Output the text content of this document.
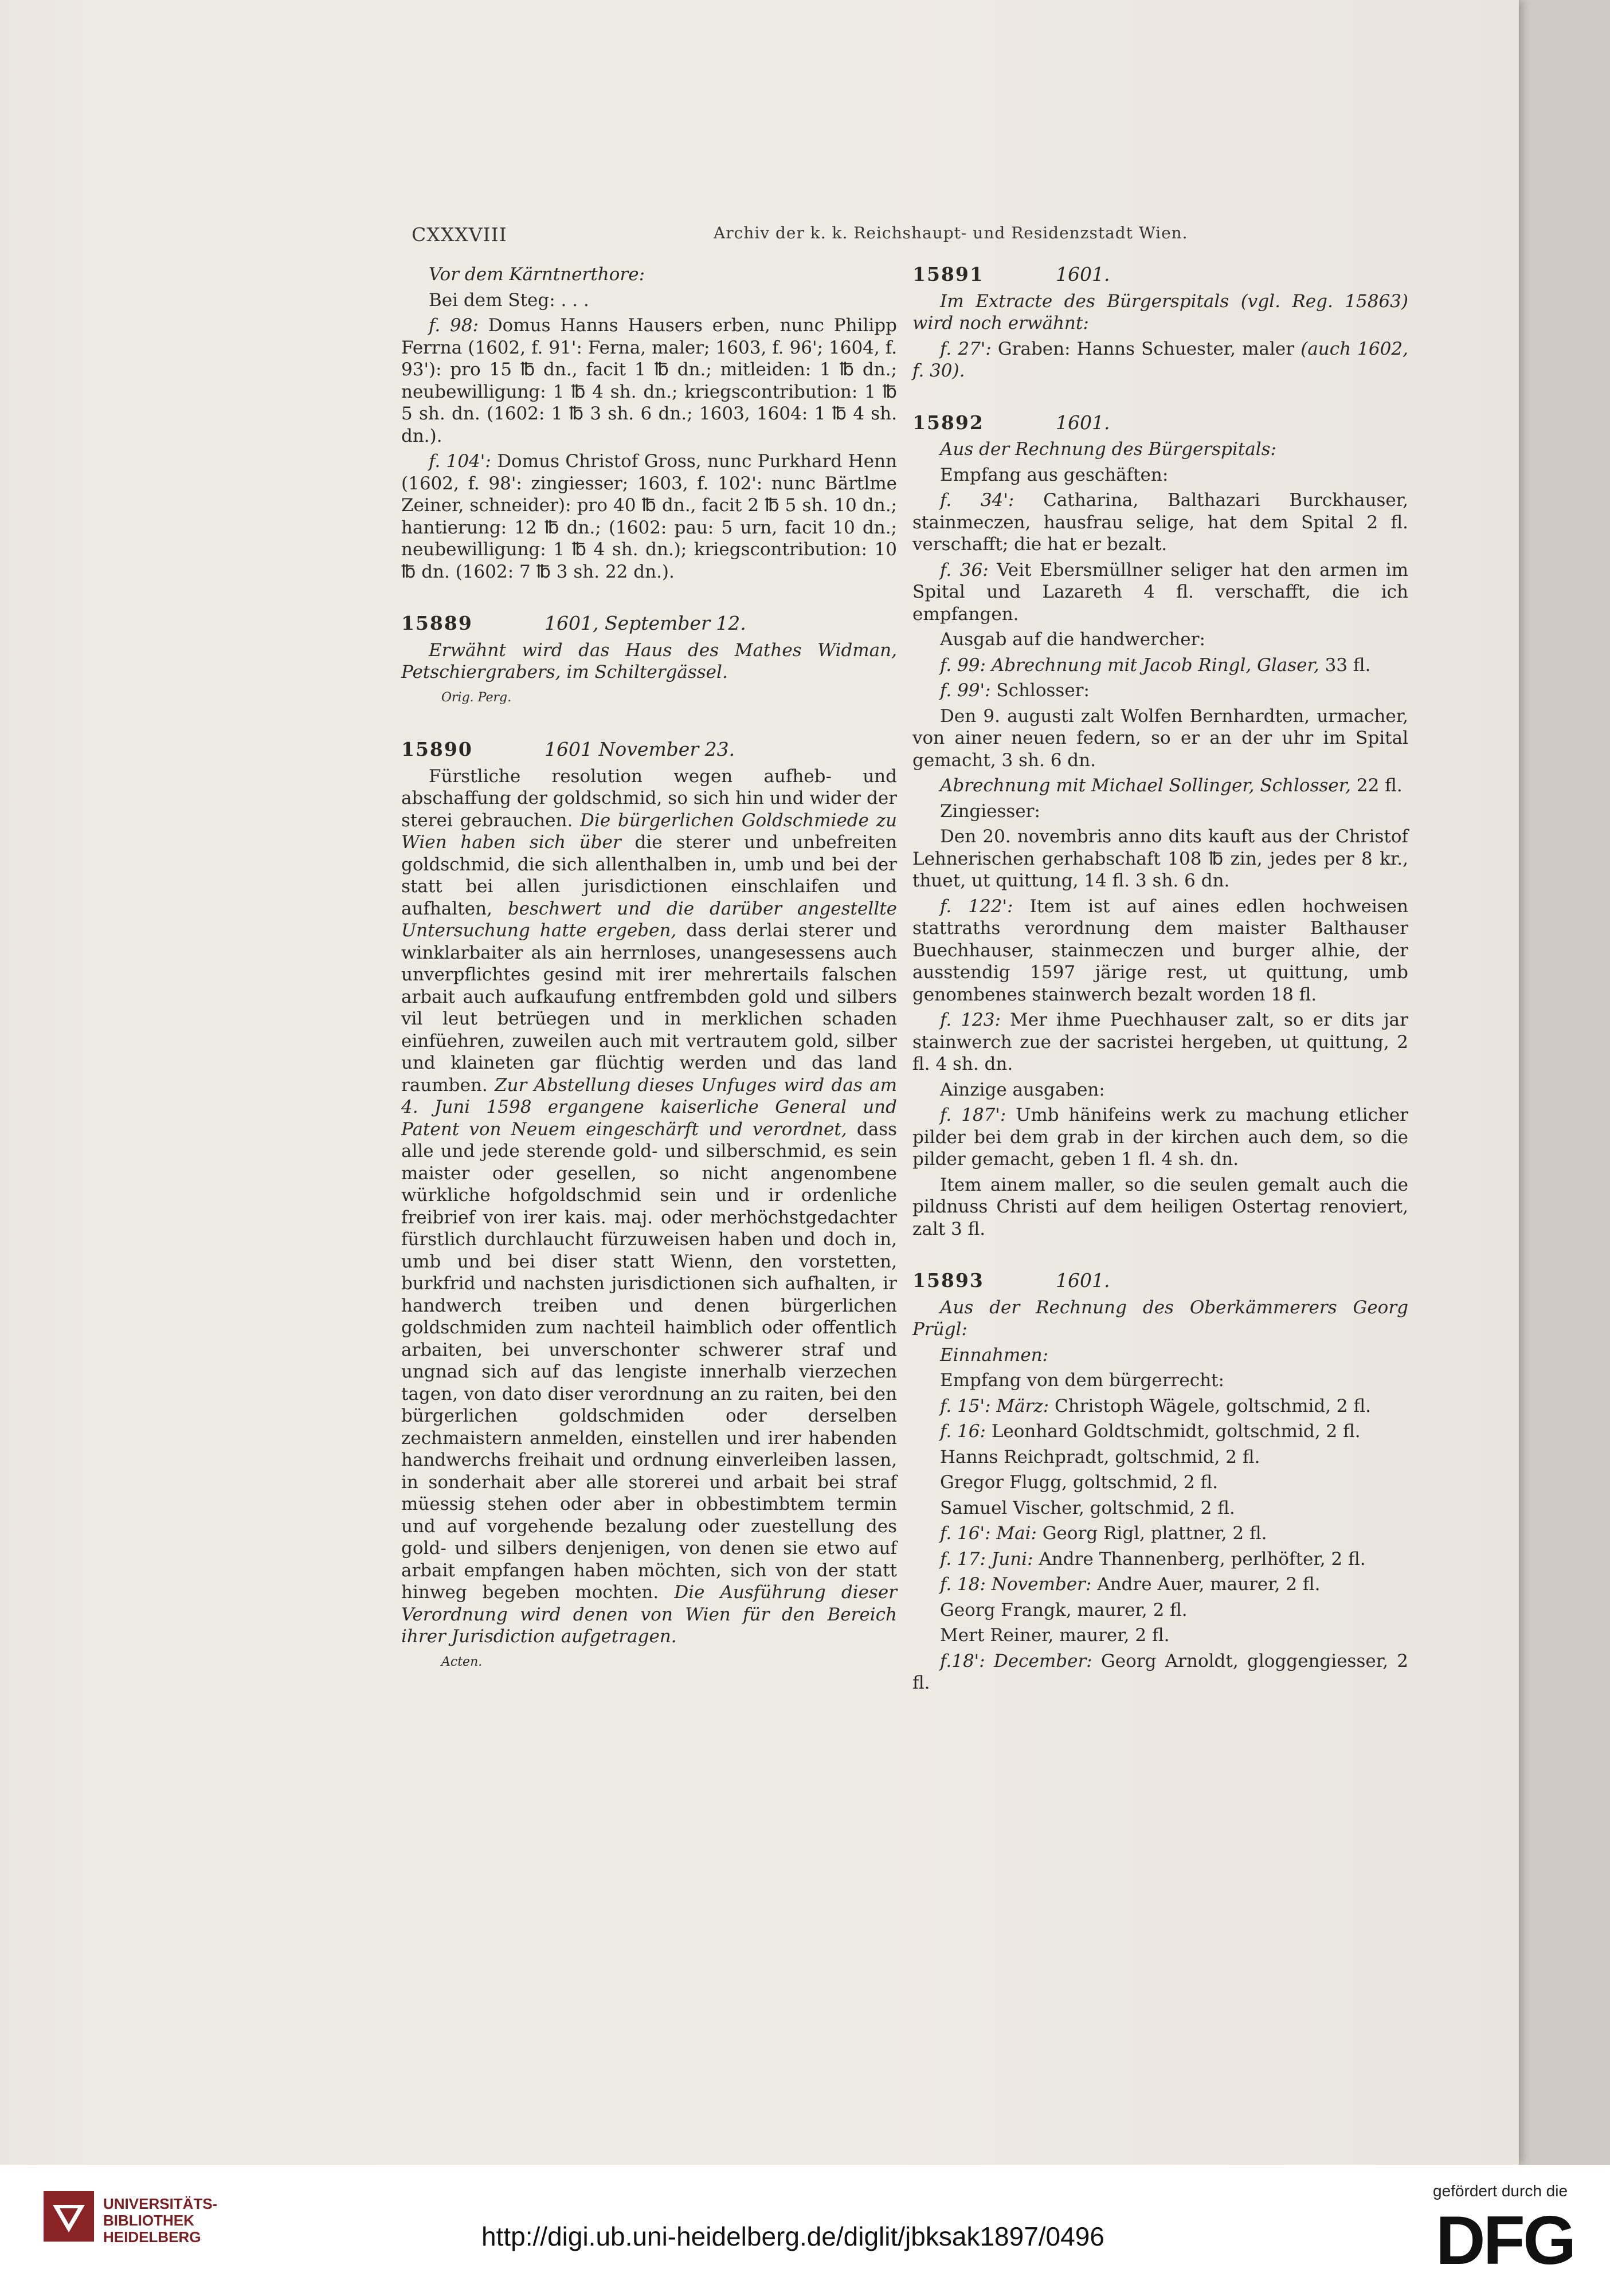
CXXXVIII	Archiv der k. k. Reichshaupt- und Residenzstadt Wien.

Vor dem Kärntnerthore:

Bei dem Steg: . . .

f. 98: Domus Hanns Hausers erben, nunc Philipp Ferrna (1602, f. 91': Ferna, maler; 1603, f. 96'; 1604, f. 93'): pro 15 ℔ dn., facit 1 ℔ dn.; mitleiden: 1 ℔ dn.; neubewilligung: 1 ℔ 4 sh. dn.; kriegscontribution: 1 ℔ 5 sh. dn. (1602: 1 ℔ 3 sh. 6 dn.; 1603, 1604: 1 ℔ 4 sh. dn.).

f. 104': Domus Christof Gross, nunc Purkhard Henn (1602, f. 98': zingiesser; 1603, f. 102': nunc Bärtlme Zeiner, schneider): pro 40 ℔ dn., facit 2 ℔ 5 sh. 10 dn.; hantierung: 12 ℔ dn.; (1602: pau: 5 urn, facit 10 dn.; neubewilligung: 1 ℔ 4 sh. dn.); kriegscontribution: 10 ℔ dn. (1602: 7 ℔ 3 sh. 22 dn.).

15889	1601, September 12.

Erwähnt wird das Haus des Mathes Widman, Petschiergrabers, im Schiltergässel.

Orig. Perg.

15890	1601 November 23.

Fürstliche resolution wegen aufheb- und abschaffung der goldschmid, so sich hin und wider der sterei gebrauchen. Die bürgerlichen Goldschmiede zu Wien haben sich über die sterer und unbefreiten goldschmid, die sich allenthalben in, umb und bei der statt bei allen jurisdictionen einschlaifen und aufhalten, beschwert und die darüber angestellte Untersuchung hatte ergeben, dass derlai sterer und winklarbaiter als ain herrnloses, unangesessens auch unverpflichtes gesind mit irer mehrertails falschen arbait auch aufkaufung entfrembden gold und silbers vil leut betrüegen und in merklichen schaden einfüehren, zuweilen auch mit vertrautem gold, silber und klaineten gar flüchtig werden und das land raumben. Zur Abstellung dieses Unfuges wird das am 4. Juni 1598 ergangene kaiserliche General und Patent von Neuem eingeschärft und verordnet, dass alle und jede sterende gold- und silberschmid, es sein maister oder gesellen, so nicht angenombene würkliche hofgoldschmid sein und ir ordenliche freibrief von irer kais. maj. oder merhöchstgedachter fürstlich durchlaucht fürzuweisen haben und doch in, umb und bei diser statt Wienn, den vorstetten, burkfrid und nachsten jurisdictionen sich aufhalten, ir handwerch treiben und denen bürgerlichen goldschmiden zum nachteil haimblich oder offentlich arbaiten, bei unverschonter schwerer straf und ungnad sich auf das lengiste innerhalb vierzechen tagen, von dato diser verordnung an zu raiten, bei den bürgerlichen goldschmiden oder derselben zechmaistern anmelden, einstellen und irer habenden handwerchs freihait und ordnung einverleiben lassen, in sonderhait aber alle storerei und arbait bei straf müessig stehen oder aber in obbestimbtem termin und auf vorgehende bezalung oder zuestellung des gold- und silbers denjenigen, von denen sie etwo auf arbait empfangen haben möchten, sich von der statt hinweg begeben mochten. Die Ausführung dieser Verordnung wird denen von Wien für den Bereich ihrer Jurisdiction aufgetragen.

Acten.

15891	1601.

Im Extracte des Bürgerspitals (vgl. Reg. 15863) wird noch erwähnt:

f. 27': Graben: Hanns Schuester, maler (auch 1602, f. 30).

15892	1601.

Aus der Rechnung des Bürgerspitals:

Empfang aus geschäften:

f. 34': Catharina, Balthazari Burckhauser, stainmeczen, hausfrau selige, hat dem Spital 2 fl. verschafft; die hat er bezalt.

f. 36: Veit Ebersmüllner seliger hat den armen im Spital und Lazareth 4 fl. verschafft, die ich empfangen.

Ausgab auf die handwercher:

f. 99: Abrechnung mit Jacob Ringl, Glaser, 33 fl.

f. 99': Schlosser:

Den 9. augusti zalt Wolfen Bernhardten, urmacher, von ainer neuen federn, so er an der uhr im Spital gemacht, 3 sh. 6 dn.

Abrechnung mit Michael Sollinger, Schlosser, 22 fl.

Zingiesser:

Den 20. novembris anno dits kauft aus der Christof Lehnerischen gerhabschaft 108 ℔ zin, jedes per 8 kr., thuet, ut quittung, 14 fl. 3 sh. 6 dn.

f. 122': Item ist auf aines edlen hochweisen stattraths verordnung dem maister Balthauser Buechhauser, stainmeczen und burger alhie, der ausstendig 1597 järige rest, ut quittung, umb genombenes stainwerch bezalt worden 18 fl.

f. 123: Mer ihme Puechhauser zalt, so er dits jar stainwerch zue der sacristei hergeben, ut quittung, 2 fl. 4 sh. dn.

Ainzige ausgaben:

f. 187': Umb hänifeins werk zu machung etlicher pilder bei dem grab in der kirchen auch dem, so die pilder gemacht, geben 1 fl. 4 sh. dn.

Item ainem maller, so die seulen gemalt auch die pildnuss Christi auf dem heiligen Ostertag renoviert, zalt 3 fl.

15893	1601.

Aus der Rechnung des Oberkämmerers Georg Prügl:

Einnahmen:

Empfang von dem bürgerrecht:

f. 15': März: Christoph Wägele, goltschmid, 2 fl.

f. 16: Leonhard Goldtschmidt, goltschmid, 2 fl.

Hanns Reichpradt, goltschmid, 2 fl.

Gregor Flugg, goltschmid, 2 fl.

Samuel Vischer, goltschmid, 2 fl.

f. 16': Mai: Georg Rigl, plattner, 2 fl.

f. 17: Juni: Andre Thannenberg, perlhöfter, 2 fl.

f. 18: November: Andre Auer, maurer, 2 fl.

Georg Frangk, maurer, 2 fl.

Mert Reiner, maurer, 2 fl.

f.18': December: Georg Arnoldt, gloggengiesser, 2 fl.

UNIVERSITÄTS-
BIBLIOTHEK
HEIDELBERG	http://digi.ub.uni-heidelberg.de/diglit/jbksak1897/0496
gefördert durch die
DFG
